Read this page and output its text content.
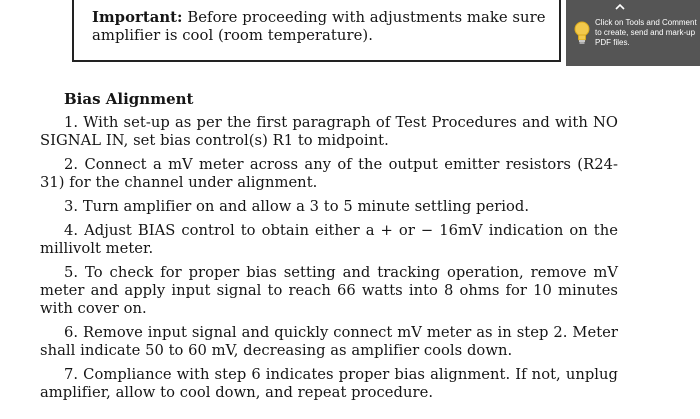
Important: Before proceeding with adjustments make sure amplifier is cool (room temperature).
Bias Alignment
1. With set-up as per the first paragraph of Test Procedures and with NO SIGNAL IN, set bias control(s) R1 to midpoint.
2. Connect a mV meter across any of the output emitter resistors (R24-31) for the channel under alignment.
3. Turn amplifier on and allow a 3 to 5 minute settling period.
4. Adjust BIAS control to obtain either a + or − 16mV indication on the millivolt meter.
5. To check for proper bias setting and tracking operation, remove mV meter and apply input signal to reach 66 watts into 8 ohms for 10 minutes with cover on.
6. Remove input signal and quickly connect mV meter as in step 2. Meter shall indicate 50 to 60 mV, decreasing as amplifier cools down.
7. Compliance with step 6 indicates proper bias alignment. If not, unplug amplifier, allow to cool down, and repeat procedure.
Click on Tools and Comment to create, send and mark-up PDF files.
